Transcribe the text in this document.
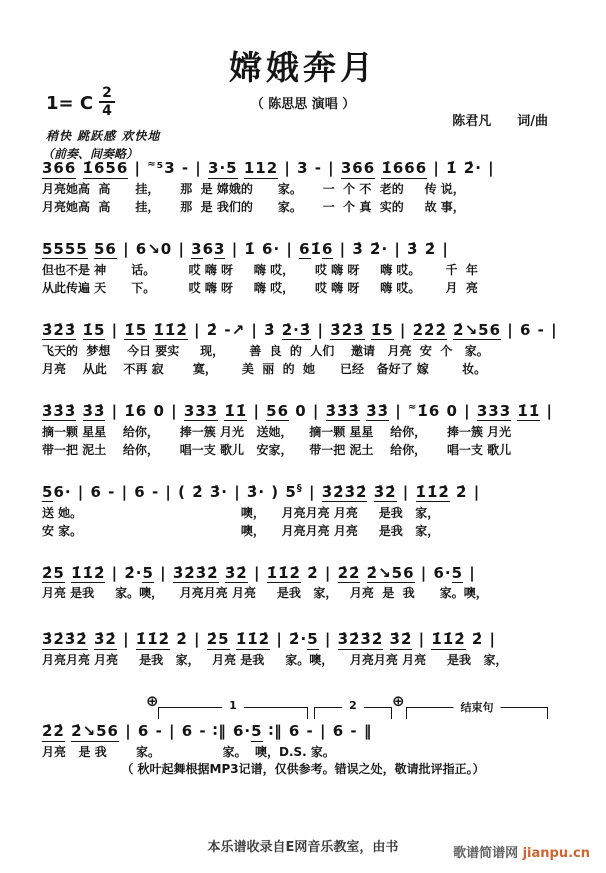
嫦娥奔月
（ 陈思思 演唱 ）
1= C $\frac{2}{4}$
陈君凡　　词/曲
稍快 跳跃感 欢快地
（前奏、间奏略）
366 1̇656 | ≈⁵3 - | 3·5 112 | 3 - | 366 1̇666 | 1̇ 2̇· |
月亮她高  高      挂，     那  是 嫦娥的      家。     一  个 不  老的     传 说，
月亮她高  高      挂，     那  是 我们的      家。     一  个 真  实的     故 事，
5555 56 | 6↘0 | 363 | 1̇ 6· | 61̇6 | 3̇ 2̇· | 3̇ 2̇ |
但也不是 神      话。        哎 嗨 呀     嗨 哎，     哎 嗨 呀     嗨 哎。      千  年
从此传遍 天      下。        哎 嗨 呀     嗨 哎，     哎 嗨 呀     嗨 哎。      月  亮
3̇2̇3̇ 1̇5 | 1̇5 1̇1̇2̇ | 2̇ -↗ | 3̇ 2̇·3̇ | 3̇2̇3̇ 1̇5 | 2̇2̇2̇ 2̇↘56 | 6 - |
飞天的  梦想    今日 要实     现，      善  良  的  人们    邀请   月亮  安  个   家。
月亮    从此    不再 寂       寞，      美  丽  的  她      已经   备好了 嫁        妆。
3̇3̇3̇ 3̇3̇ | 1̇6 0 | 333 1̇1̇ | 56 0 | 3̇3̇3̇ 3̇3̇ | ≈1̇6 0 | 333 1̇1̇ |
摘一颗 星星    给你，     捧一簇 月光   送她，    摘一颗 星星    给你，     捧一簇 月光
带一把 泥土    给你，     唱一支 歌儿   安家，    带一把 泥土    给你，     唱一支 歌儿
56· | 6 - | 6 - | ( 2̇ 3̇· | 3̇· ) 5§ | 3̇2̇3̇2̇ 3̇2̇ | 1̇1̇2̇ 2̇ |
送 她。                                      噢，    月亮月亮 月亮     是我   家，
安 家。                                      噢，    月亮月亮 月亮     是我   家，
2̇5 1̇1̇2̇ | 2̇·5 | 3̇2̇3̇2̇ 3̇2̇ | 1̇1̇2̇ 2̇ | 2̇2̇ 2̇↘56 | 6·5 |
月亮 是我     家。噢，    月亮月亮 月亮     是我   家，   月亮  是  我      家。噢，
3̇2̇3̇2̇ 3̇2̇ | 1̇1̇2̇ 2̇ | 2̇5 1̇1̇2̇ | 2̇·5 | 3̇2̇3̇2̇ 3̇2̇ | 1̇1̇2̇ 2̇ |
月亮月亮 月亮     是我   家，   月亮 是我     家。噢，    月亮月亮 月亮     是我   家，
⊕	⊕
1	2	结束句
2̇2̇ 2̇↘56 | 6 - | 6 - ∶‖ 6·5 ∶‖ 6 - | 6 - ‖
月亮   是 我       家。               家。  噢，D.S. 家。
（ 秋叶起舞根据MP3记谱，仅供参考。错误之处，敬请批评指正。）
本乐谱收录自E网音乐教室，由书	歌谱简谱网 jianpu.cn
